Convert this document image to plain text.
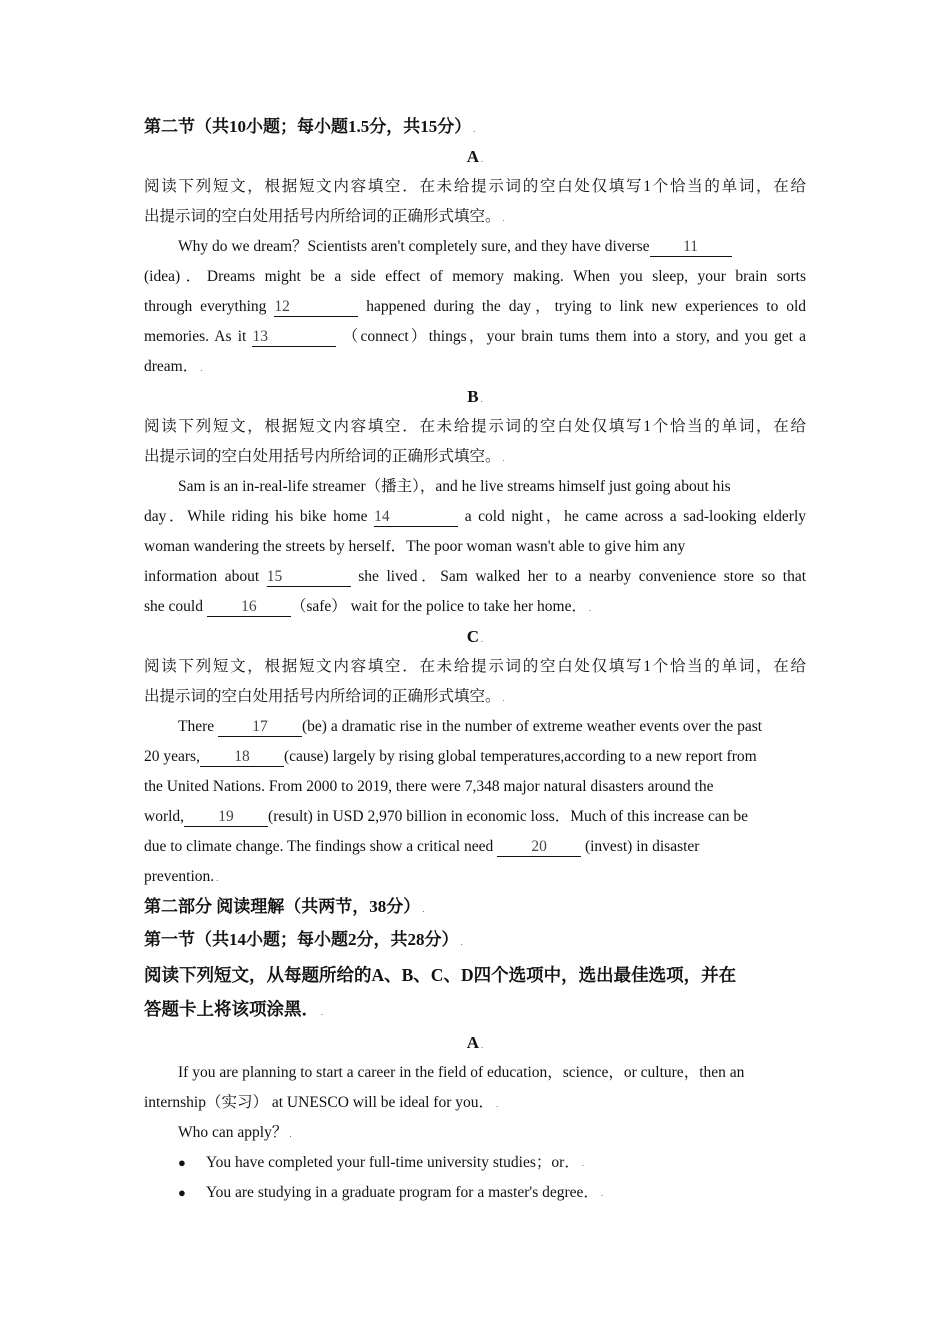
第二节（共10小题；每小题1.5分，共15分） .
A .
阅读下列短文，根据短文内容填空．在未给提示词的空白处仅填写1个恰当的单词，在给
出提示词的空白处用括号内所给词的正确形式填空。 .
Why do we dream？Scientists aren't completely sure, and they have diverse 11
(idea)．Dreams might be a side effect of memory making. When you sleep, your brain sorts
through everything 12	happened during the day，trying to link new experiences to old
memories. As it 13	（connect）things，your brain tums them into a story, and you get a
dream． .
B .
阅读下列短文，根据短文内容填空．在未给提示词的空白处仅填写1个恰当的单词，在给
出提示词的空白处用括号内所给词的正确形式填空。 .
Sam is an in-real-life streamer（播主），and he live streams himself just going about his
day．While riding his bike home 14	a cold night，he came across a sad-looking elderly
woman wandering the streets by herself．The poor woman wasn't able to give him any
information about 15	she lived．Sam walked her to a nearby convenience store so that
she could 16 （safe） wait for the police to take her home． .
C .
阅读下列短文，根据短文内容填空．在未给提示词的空白处仅填写1个恰当的单词，在给
出提示词的空白处用括号内所给词的正确形式填空。 .
There 17 (be) a dramatic rise in the number of extreme weather events over the past
20 years, 18 (cause) largely by rising global temperatures,according to a new report from
the United Nations. From 2000 to 2019, there were 7,348 major natural disasters around the
world, 19 (result) in USD 2,970 billion in economic loss．Much of this increase can be
due to climate change. The findings show a critical need 20 (invest) in disaster
prevention. .
第二部分 阅读理解（共两节，38分） .
第一节（共14小题；每小题2分，共28分） .
阅读下列短文，从每题所给的A、B、C、D四个选项中，选出最佳选项，并在
答题卡上将该项涂黑． .
A .
If you are planning to start a career in the field of education，science，or culture，then an
internship（实习） at UNESCO will be ideal for you． .
Who can apply？ .
●	You have completed your full-time university studies；or． .
●	You are studying in a graduate program for a master's degree． .
